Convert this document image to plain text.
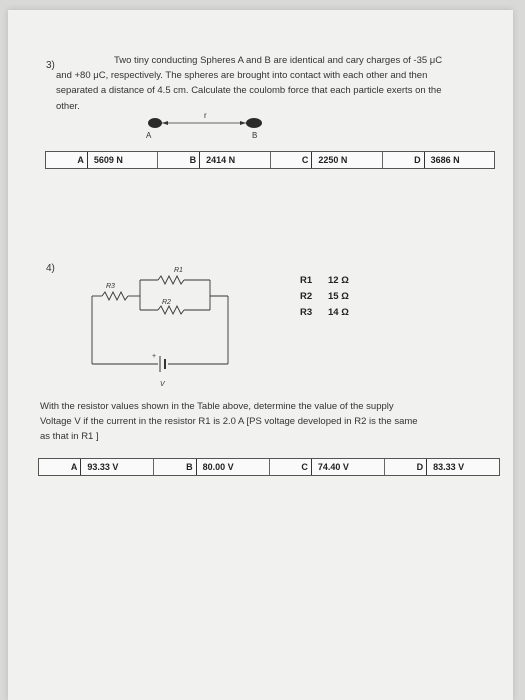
3)	Two tiny conducting Spheres A and B are identical and cary charges of -35 μC
and +80 μC, respectively. The spheres are brought into contact with each other and then
separated a distance of 4.5 cm. Calculate the coulomb force that each particle exerts on the
other.
r
A	B
A	5609 N	B	2414 N	C	2250 N	D	3686 N
4)
+
V
R1
R2
R3
R1	12 Ω
R2	15 Ω
R3	14 Ω
With the resistor values shown in the Table above, determine the value of the supply
Voltage V if the current in the resistor R1 is 2.0 A [PS voltage developed in R2 is the same
as that in R1 ]
A	93.33 V	B	80.00 V	C	74.40 V	D	83.33 V
